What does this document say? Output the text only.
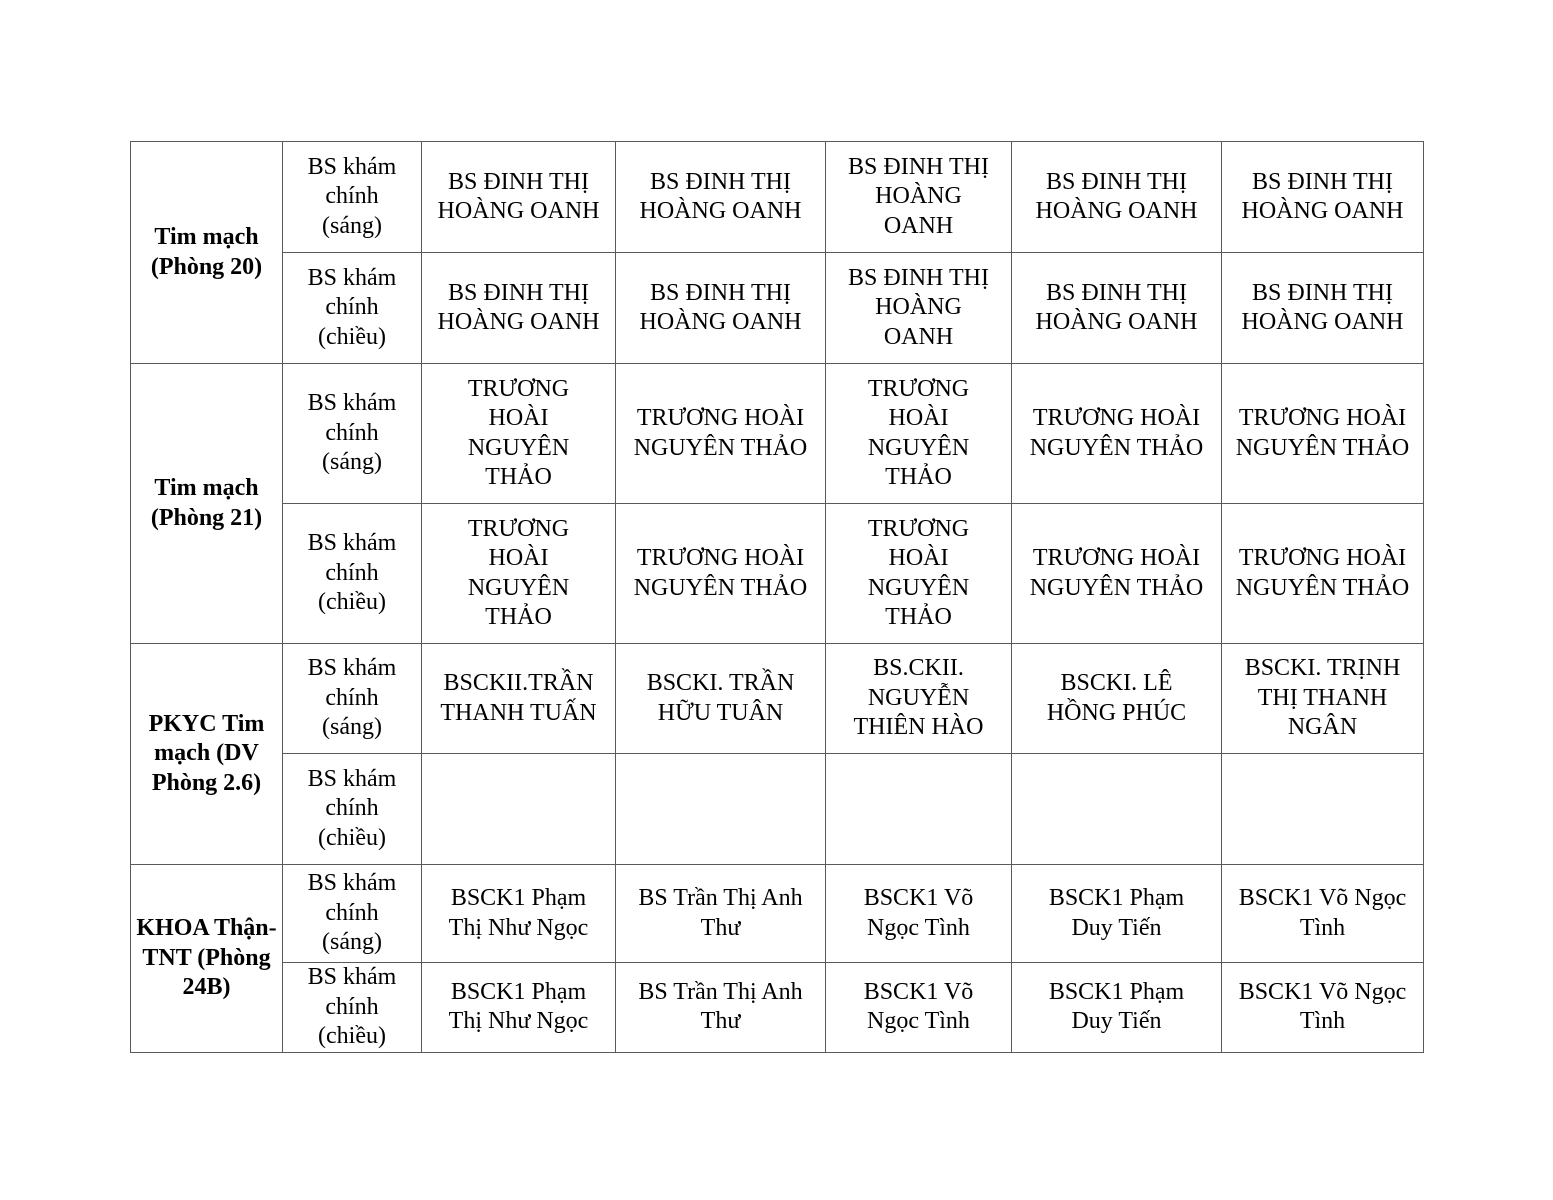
Tim mạch (Phòng 20)	BS khám chính (sáng)	BS ĐINH THỊ HOÀNG OANH	BS ĐINH THỊ HOÀNG OANH	BS ĐINH THỊ HOÀNG OANH	BS ĐINH THỊ HOÀNG OANH	BS ĐINH THỊ HOÀNG OANH
	BS khám chính (chiều)	BS ĐINH THỊ HOÀNG OANH	BS ĐINH THỊ HOÀNG OANH	BS ĐINH THỊ HOÀNG OANH	BS ĐINH THỊ HOÀNG OANH	BS ĐINH THỊ HOÀNG OANH
Tim mạch (Phòng 21)	BS khám chính (sáng)	TRƯƠNG HOÀI NGUYÊN THẢO	TRƯƠNG HOÀI NGUYÊN THẢO	TRƯƠNG HOÀI NGUYÊN THẢO	TRƯƠNG HOÀI NGUYÊN THẢO	TRƯƠNG HOÀI NGUYÊN THẢO
	BS khám chính (chiều)	TRƯƠNG HOÀI NGUYÊN THẢO	TRƯƠNG HOÀI NGUYÊN THẢO	TRƯƠNG HOÀI NGUYÊN THẢO	TRƯƠNG HOÀI NGUYÊN THẢO	TRƯƠNG HOÀI NGUYÊN THẢO
PKYC Tim mạch (DV Phòng 2.6)	BS khám chính (sáng)	BSCKII.TRẦN THANH TUẤN	BSCKI. TRẦN HỮU TUÂN	BS.CKII. NGUYỄN THIÊN HÀO	BSCKI. LÊ HỒNG PHÚC	BSCKI. TRỊNH THỊ THANH NGÂN
	BS khám chính (chiều)					
KHOA Thận-TNT (Phòng 24B)	BS khám chính (sáng)	BSCK1 Phạm Thị Như Ngọc	BS Trần Thị Anh Thư	BSCK1 Võ Ngọc Tình	BSCK1 Phạm Duy Tiến	BSCK1 Võ Ngọc Tình
	BS khám chính (chiều)	BSCK1 Phạm Thị Như Ngọc	BS Trần Thị Anh Thư	BSCK1 Võ Ngọc Tình	BSCK1 Phạm Duy Tiến	BSCK1 Võ Ngọc Tình
